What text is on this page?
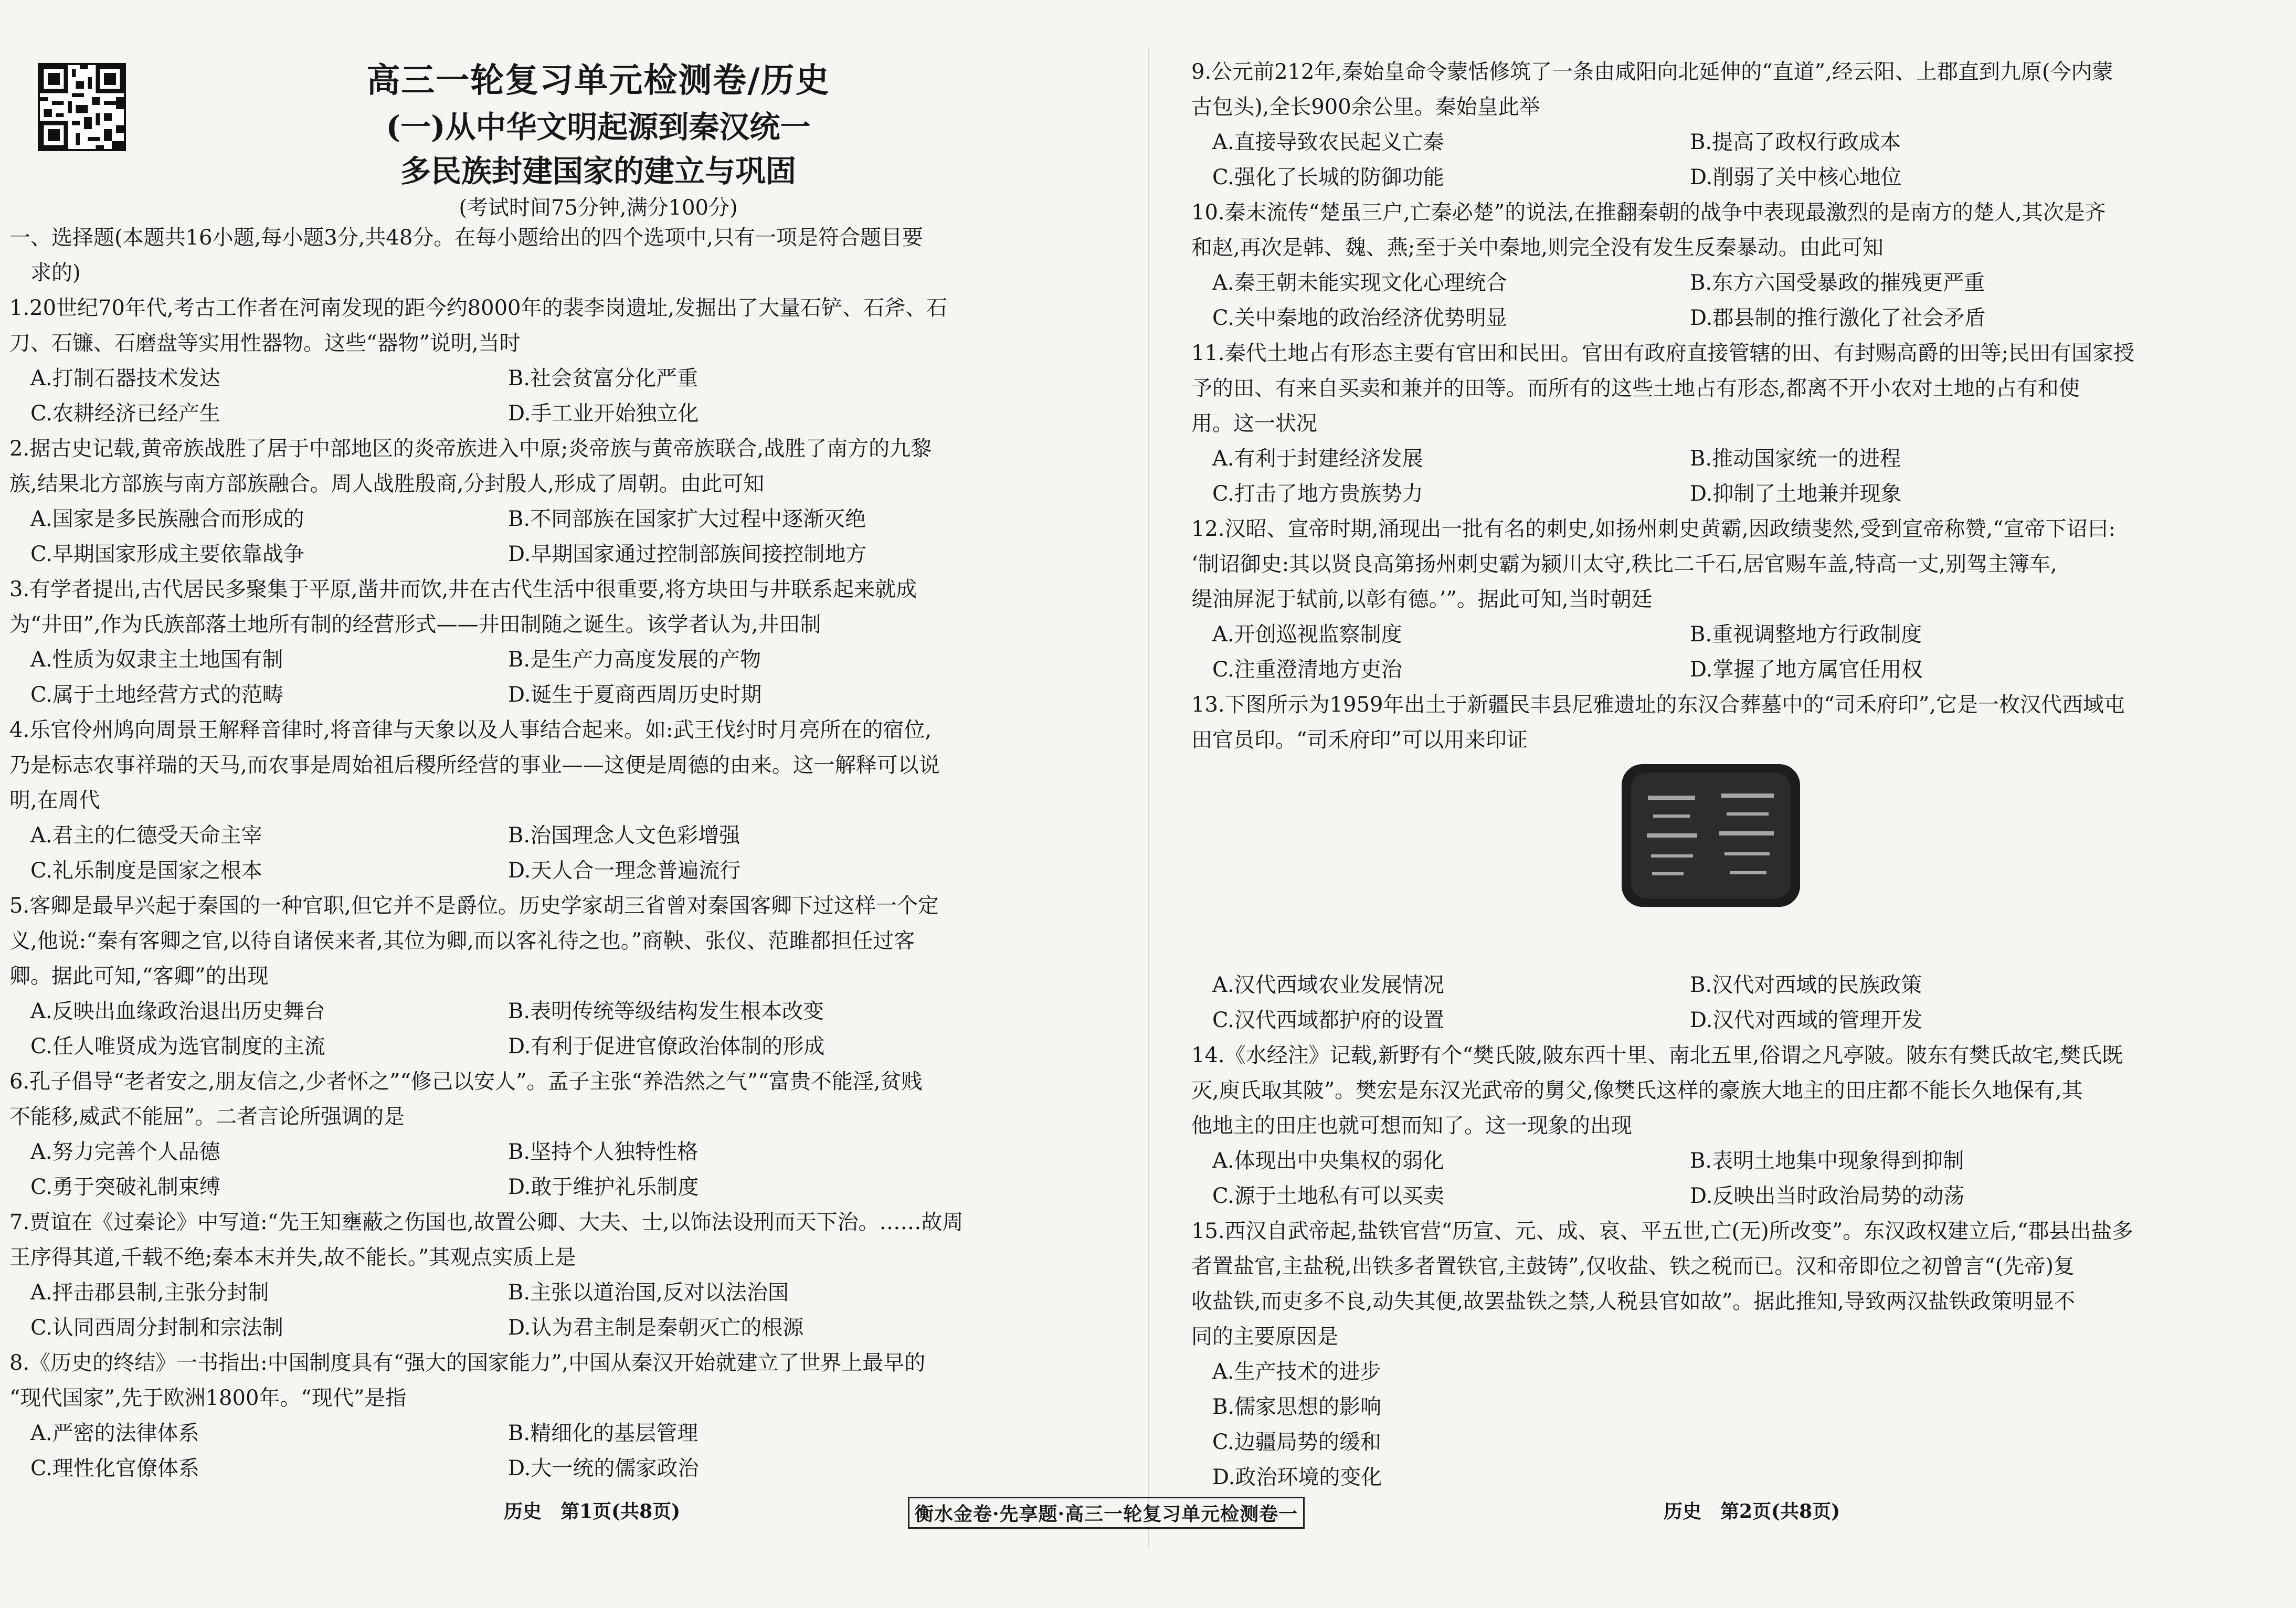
高三一轮复习单元检测卷/历史
(一)从中华文明起源到秦汉统一
多民族封建国家的建立与巩固
(考试时间75分钟,满分100分)
一、选择题(本题共16小题,每小题3分,共48分。在每小题给出的四个选项中,只有一项是符合题目要
求的)
1.20世纪70年代,考古工作者在河南发现的距今约8000年的裴李岗遗址,发掘出了大量石铲、石斧、石
刀、石镰、石磨盘等实用性器物。这些“器物”说明,当时
A.打制石器技术发达	B.社会贫富分化严重
C.农耕经济已经产生	D.手工业开始独立化
2.据古史记载,黄帝族战胜了居于中部地区的炎帝族进入中原;炎帝族与黄帝族联合,战胜了南方的九黎
族,结果北方部族与南方部族融合。周人战胜殷商,分封殷人,形成了周朝。由此可知
A.国家是多民族融合而形成的	B.不同部族在国家扩大过程中逐渐灭绝
C.早期国家形成主要依靠战争	D.早期国家通过控制部族间接控制地方
3.有学者提出,古代居民多聚集于平原,凿井而饮,井在古代生活中很重要,将方块田与井联系起来就成
为“井田”,作为氏族部落土地所有制的经营形式——井田制随之诞生。该学者认为,井田制
A.性质为奴隶主土地国有制	B.是生产力高度发展的产物
C.属于土地经营方式的范畴	D.诞生于夏商西周历史时期
4.乐官伶州鸠向周景王解释音律时,将音律与天象以及人事结合起来。如:武王伐纣时月亮所在的宿位,
乃是标志农事祥瑞的天马,而农事是周始祖后稷所经营的事业——这便是周德的由来。这一解释可以说
明,在周代
A.君主的仁德受天命主宰	B.治国理念人文色彩增强
C.礼乐制度是国家之根本	D.天人合一理念普遍流行
5.客卿是最早兴起于秦国的一种官职,但它并不是爵位。历史学家胡三省曾对秦国客卿下过这样一个定
义,他说:“秦有客卿之官,以待自诸侯来者,其位为卿,而以客礼待之也。”商鞅、张仪、范雎都担任过客
卿。据此可知,“客卿”的出现
A.反映出血缘政治退出历史舞台	B.表明传统等级结构发生根本改变
C.任人唯贤成为选官制度的主流	D.有利于促进官僚政治体制的形成
6.孔子倡导“老者安之,朋友信之,少者怀之”“修己以安人”。孟子主张“养浩然之气”“富贵不能淫,贫贱
不能移,威武不能屈”。二者言论所强调的是
A.努力完善个人品德	B.坚持个人独特性格
C.勇于突破礼制束缚	D.敢于维护礼乐制度
7.贾谊在《过秦论》中写道:“先王知壅蔽之伤国也,故置公卿、大夫、士,以饰法设刑而天下治。……故周
王序得其道,千载不绝;秦本末并失,故不能长。”其观点实质上是
A.抨击郡县制,主张分封制	B.主张以道治国,反对以法治国
C.认同西周分封制和宗法制	D.认为君主制是秦朝灭亡的根源
8.《历史的终结》一书指出:中国制度具有“强大的国家能力”,中国从秦汉开始就建立了世界上最早的
“现代国家”,先于欧洲1800年。“现代”是指
A.严密的法律体系	B.精细化的基层管理
C.理性化官僚体系	D.大一统的儒家政治
历史　第1页(共8页)	衡水金卷·先享题·高三一轮复习单元检测卷一	历史　第2页(共8页)
9.公元前212年,秦始皇命令蒙恬修筑了一条由咸阳向北延伸的“直道”,经云阳、上郡直到九原(今内蒙
古包头),全长900余公里。秦始皇此举
A.直接导致农民起义亡秦	B.提高了政权行政成本
C.强化了长城的防御功能	D.削弱了关中核心地位
10.秦末流传“楚虽三户,亡秦必楚”的说法,在推翻秦朝的战争中表现最激烈的是南方的楚人,其次是齐
和赵,再次是韩、魏、燕;至于关中秦地,则完全没有发生反秦暴动。由此可知
A.秦王朝未能实现文化心理统合	B.东方六国受暴政的摧残更严重
C.关中秦地的政治经济优势明显	D.郡县制的推行激化了社会矛盾
11.秦代土地占有形态主要有官田和民田。官田有政府直接管辖的田、有封赐高爵的田等;民田有国家授
予的田、有来自买卖和兼并的田等。而所有的这些土地占有形态,都离不开小农对土地的占有和使
用。这一状况
A.有利于封建经济发展	B.推动国家统一的进程
C.打击了地方贵族势力	D.抑制了土地兼并现象
12.汉昭、宣帝时期,涌现出一批有名的刺史,如扬州刺史黄霸,因政绩斐然,受到宣帝称赞,“宣帝下诏曰:
‘制诏御史:其以贤良高第扬州刺史霸为颍川太守,秩比二千石,居官赐车盖,特高一丈,别驾主簿车,
缇油屏泥于轼前,以彰有德。’”。据此可知,当时朝廷
A.开创巡视监察制度	B.重视调整地方行政制度
C.注重澄清地方吏治	D.掌握了地方属官任用权
13.下图所示为1959年出土于新疆民丰县尼雅遗址的东汉合葬墓中的“司禾府印”,它是一枚汉代西域屯
田官员印。“司禾府印”可以用来印证
A.汉代西域农业发展情况	B.汉代对西域的民族政策
C.汉代西域都护府的设置	D.汉代对西域的管理开发
14.《水经注》记载,新野有个“樊氏陂,陂东西十里、南北五里,俗谓之凡亭陂。陂东有樊氏故宅,樊氏既
灭,庾氏取其陂”。樊宏是东汉光武帝的舅父,像樊氏这样的豪族大地主的田庄都不能长久地保有,其
他地主的田庄也就可想而知了。这一现象的出现
A.体现出中央集权的弱化	B.表明土地集中现象得到抑制
C.源于土地私有可以买卖	D.反映出当时政治局势的动荡
15.西汉自武帝起,盐铁官营“历宣、元、成、哀、平五世,亡(无)所改变”。东汉政权建立后,“郡县出盐多
者置盐官,主盐税,出铁多者置铁官,主鼓铸”,仅收盐、铁之税而已。汉和帝即位之初曾言“(先帝)复
收盐铁,而吏多不良,动失其便,故罢盐铁之禁,人税县官如故”。据此推知,导致两汉盐铁政策明显不
同的主要原因是
A.生产技术的进步
B.儒家思想的影响
C.边疆局势的缓和
D.政治环境的变化
